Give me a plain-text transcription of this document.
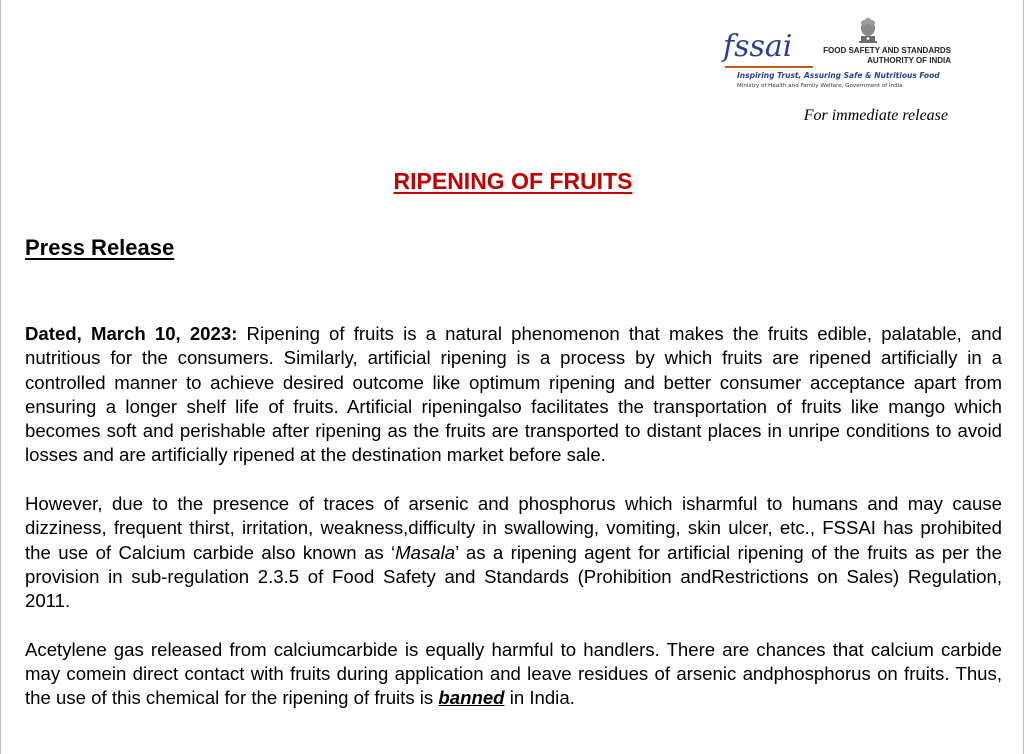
fssai	FOOD SAFETY AND STANDARDS
AUTHORITY OF INDIA
Inspiring Trust, Assuring Safe & Nutritious Food
Ministry of Health and Family Welfare, Government of India
For immediate release
RIPENING OF FRUITS
Press Release

Dated, March 10, 2023: Ripening of fruits is a natural phenomenon that makes the fruits edible, palatable, and nutritious for the consumers. Similarly, artificial ripening is a process by which fruits are ripened artificially in a controlled manner to achieve desired outcome like optimum ripening and better consumer acceptance apart from ensuring a longer shelf life of fruits. Artificial ripeningalso facilitates the transportation of fruits like mango which becomes soft and perishable after ripening as the fruits are transported to distant places in unripe conditions to avoid losses and are artificially ripened at the destination market before sale.

However, due to the presence of traces of arsenic and phosphorus which isharmful to humans and may cause dizziness, frequent thirst, irritation, weakness,difficulty in swallowing, vomiting, skin ulcer, etc., FSSAI has prohibited the use of Calcium carbide also known as ‘Masala’ as a ripening agent for artificial ripening of the fruits as per the provision in sub-regulation 2.3.5 of Food Safety and Standards (Prohibition andRestrictions on Sales) Regulation, 2011.

Acetylene gas released from calciumcarbide is equally harmful to handlers. There are chances that calcium carbide may comein direct contact with fruits during application and leave residues of arsenic andphosphorus on fruits. Thus, the use of this chemical for the ripening of fruits is banned in India.
